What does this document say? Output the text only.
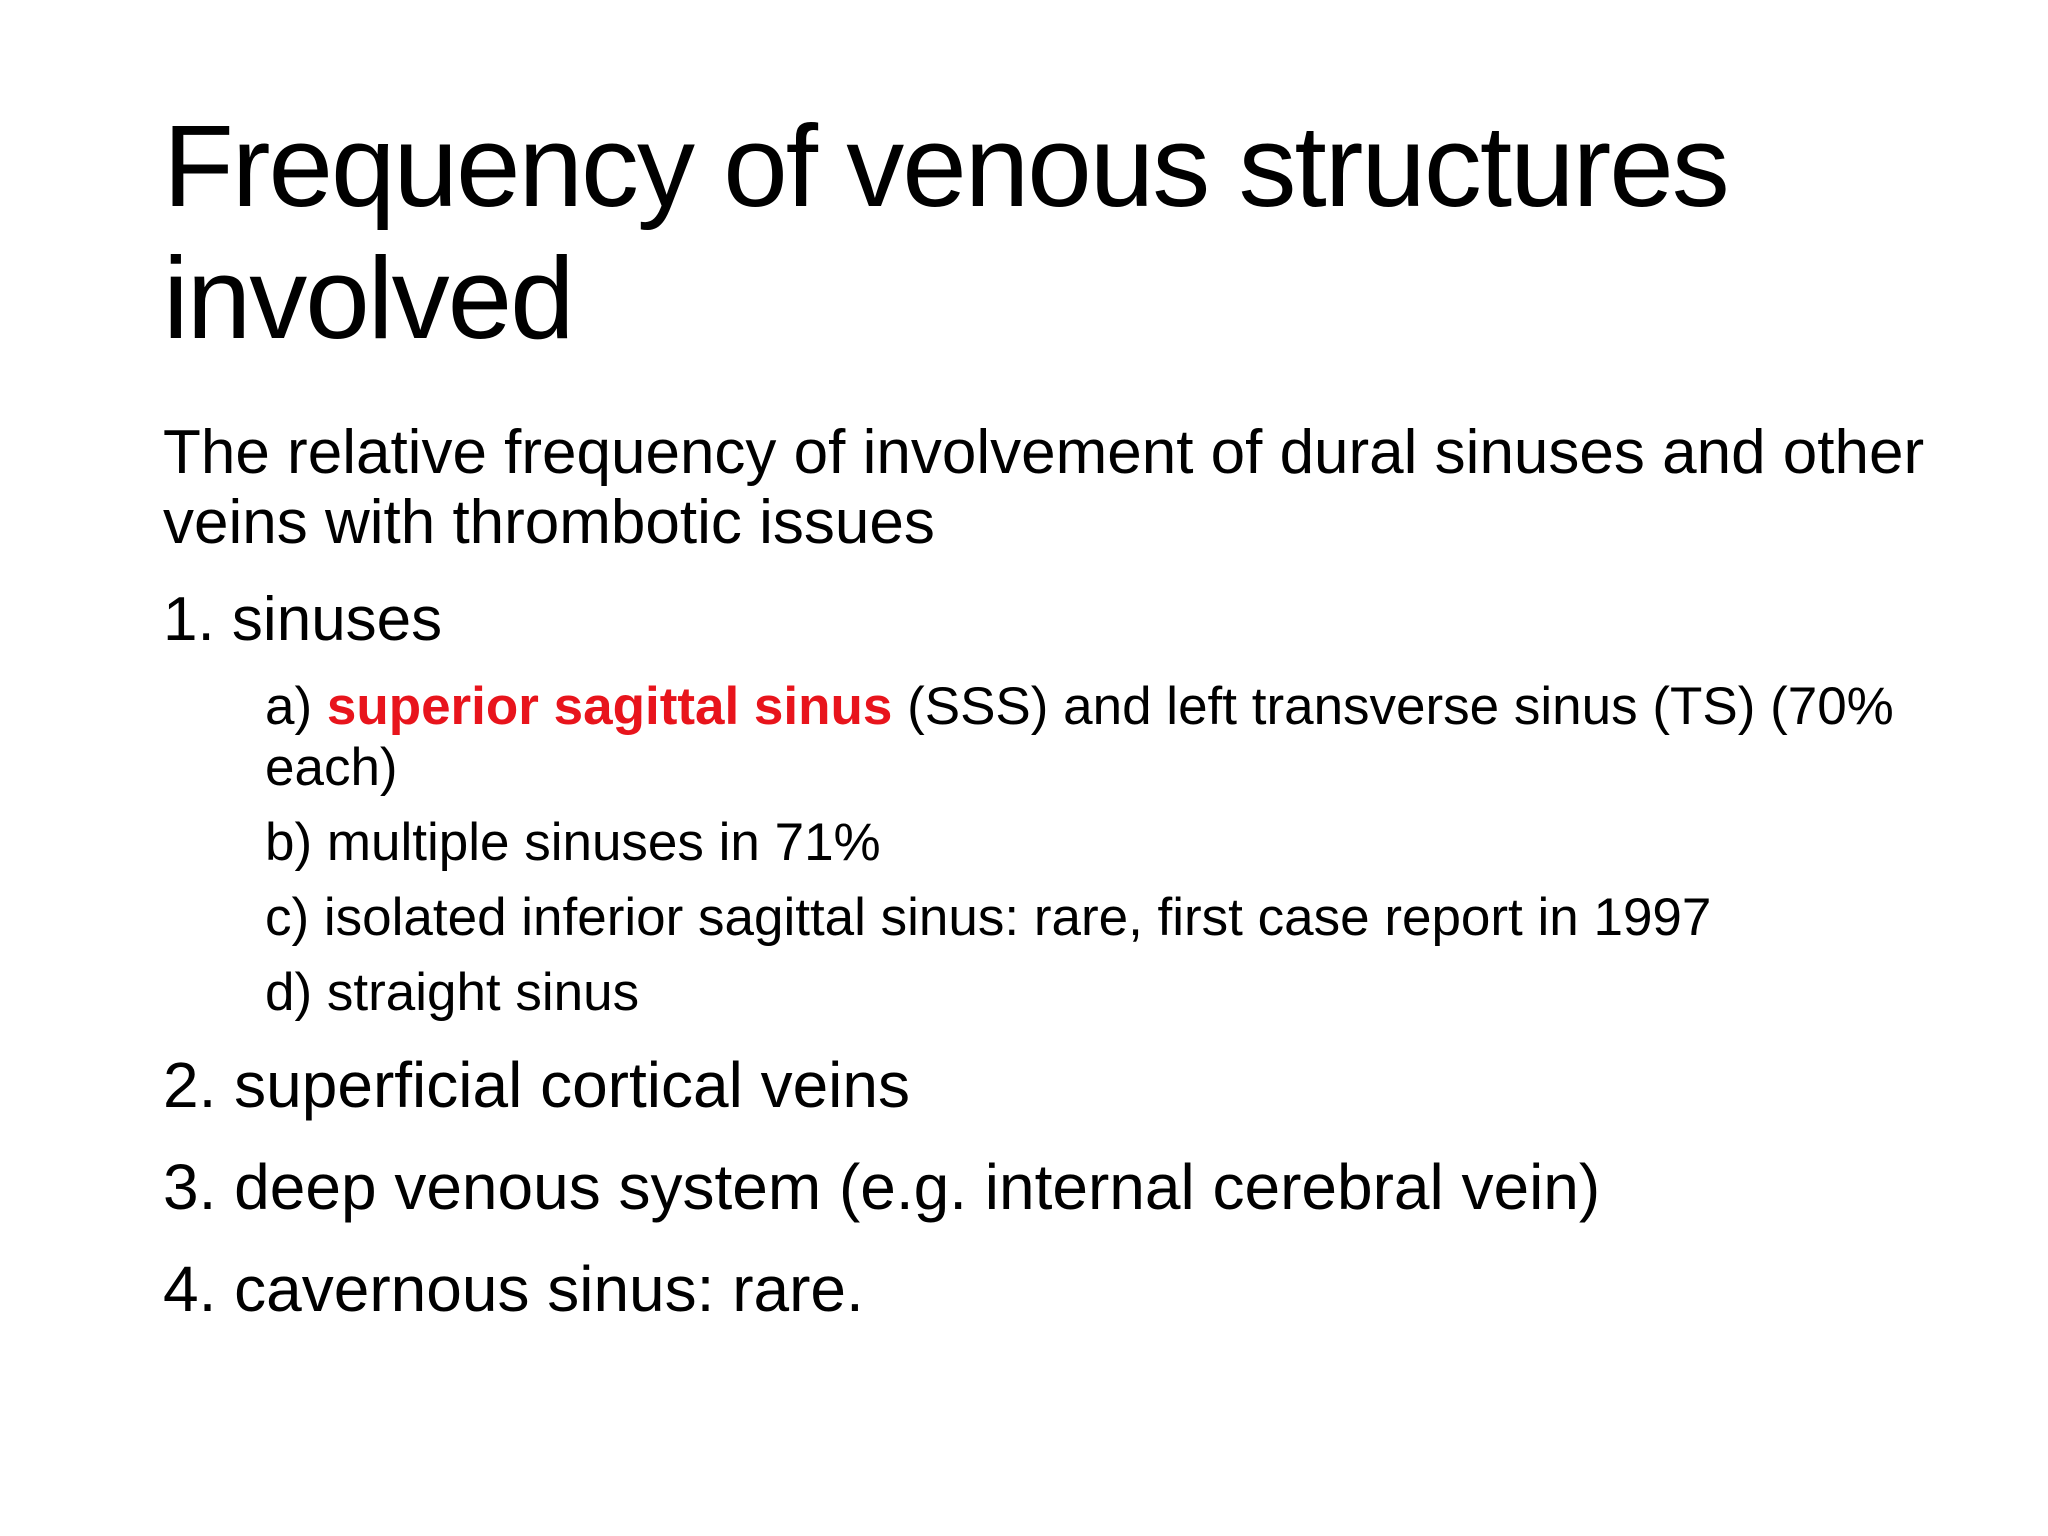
Frequency of venous structures involved

The relative frequency of involvement of dural sinuses and other veins with thrombotic issues

1. sinuses

a) superior sagittal sinus (SSS) and left transverse sinus (TS) (70% each)

b) multiple sinuses in 71%

c) isolated inferior sagittal sinus: rare, first case report in 1997

d) straight sinus

2. superficial cortical veins

3. deep venous system (e.g. internal cerebral vein)

4. cavernous sinus: rare.
